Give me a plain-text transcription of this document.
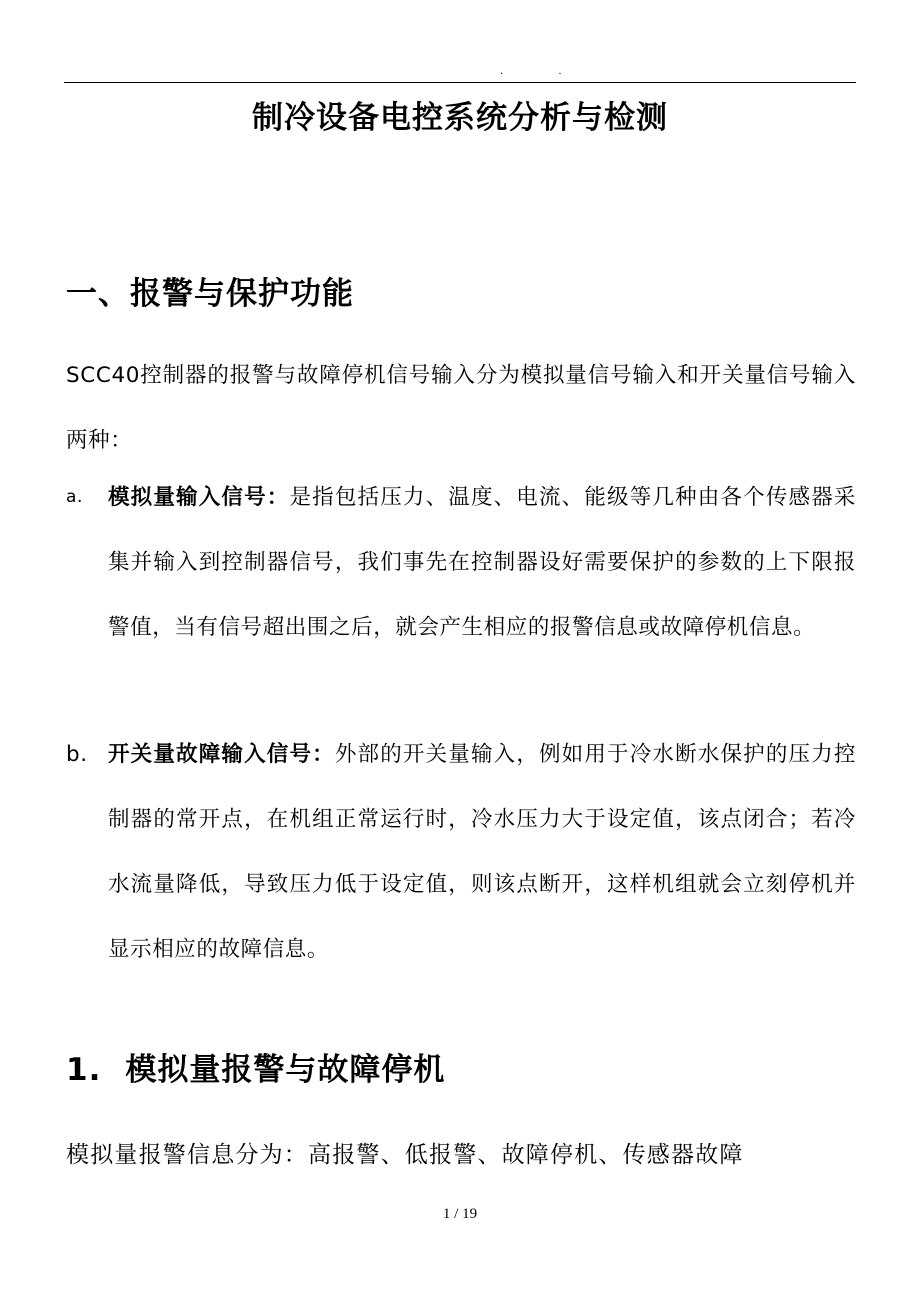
. .
制冷设备电控系统分析与检测
一、报警与保护功能
SCC40控制器的报警与故障停机信号输入分为模拟量信号输入和开关量信号输入两种：
a.	模拟量输入信号：是指包括压力、温度、电流、能级等几种由各个传感器采集并输入到控制器信号，我们事先在控制器设好需要保护的参数的上下限报警值，当有信号超出围之后，就会产生相应的报警信息或故障停机信息。
b. 开关量故障输入信号：外部的开关量输入，例如用于冷水断水保护的压力控制器的常开点，在机组正常运行时，冷水压力大于设定值，该点闭合；若冷水流量降低，导致压力低于设定值，则该点断开，这样机组就会立刻停机并显示相应的故障信息。
1. 模拟量报警与故障停机
模拟量报警信息分为：高报警、低报警、故障停机、传感器故障
1 / 19
